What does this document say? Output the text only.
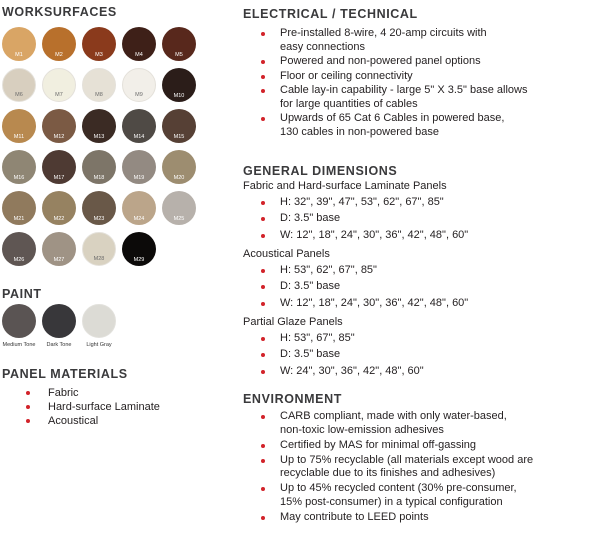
WORKSURFACES
M1	M2	M3	M4	M5
M6	M7	M8	M9	M10
M11	M12	M13	M14	M15
M16	M17	M18	M19	M20
M21	M22	M23	M24	M25
M26	M27	M28	M29
PAINT
Medium Tone	Dark Tone	Light Gray
PANEL MATERIALS
Fabric
Hard-surface Laminate
Acoustical
ELECTRICAL / TECHNICAL
Pre-installed 8-wire, 4 20-amp circuits with
easy connections
Powered and non-powered panel options
Floor or ceiling connectivity
Cable lay-in capability - large 5" X 3.5" base allows
for large quantities of cables
Upwards of 65 Cat 6 Cables in powered base,
130 cables in non-powered base
GENERAL DIMENSIONS
Fabric and Hard-surface Laminate Panels
H: 32", 39", 47", 53", 62", 67", 85"
D: 3.5" base
W: 12", 18", 24", 30", 36", 42", 48", 60"
Acoustical Panels
H: 53", 62", 67", 85"
D: 3.5" base
W: 12", 18", 24", 30", 36", 42", 48", 60"
Partial Glaze Panels
H: 53", 67", 85"
D: 3.5" base
W: 24", 30", 36", 42", 48", 60"
ENVIRONMENT
CARB compliant, made with only water-based,
non-toxic low-emission adhesives
Certified by MAS for minimal off-gassing
Up to 75% recyclable (all materials except wood are
recyclable due to its finishes and adhesives)
Up to 45% recycled content (30% pre-consumer,
15% post-consumer) in a typical configuration
May contribute to LEED points
